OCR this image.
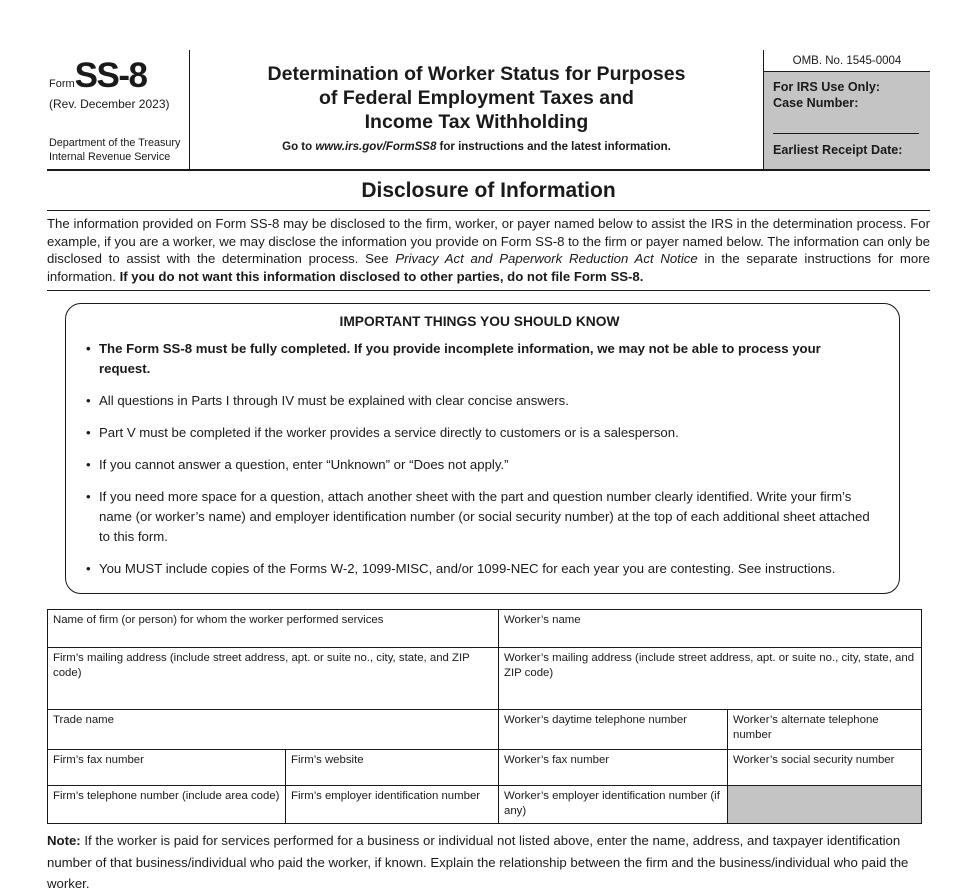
FormSS-8
(Rev. December 2023)
Department of the Treasury
Internal Revenue Service
Determination of Worker Status for Purposes
of Federal Employment Taxes and
Income Tax Withholding
Go to www.irs.gov/FormSS8 for instructions and the latest information.
OMB. No. 1545-0004
For IRS Use Only:
Case Number:
Earliest Receipt Date:
Disclosure of Information

The information provided on Form SS-8 may be disclosed to the firm, worker, or payer named below to assist the IRS in the determination process. For example, if you are a worker, we may disclose the information you provide on Form SS-8 to the firm or payer named below. The information can only be disclosed to assist with the determination process. See Privacy Act and Paperwork Reduction Act Notice in the separate instructions for more information. If you do not want this information disclosed to other parties, do not file Form SS-8.

IMPORTANT THINGS YOU SHOULD KNOW
• The Form SS-8 must be fully completed. If you provide incomplete information, we may not be able to process your request.
• All questions in Parts I through IV must be explained with clear concise answers.
• Part V must be completed if the worker provides a service directly to customers or is a salesperson.
• If you cannot answer a question, enter “Unknown” or “Does not apply.”
• If you need more space for a question, attach another sheet with the part and question number clearly identified. Write your firm’s name (or worker’s name) and employer identification number (or social security number) at the top of each additional sheet attached to this form.
• You MUST include copies of the Forms W-2, 1099-MISC, and/or 1099-NEC for each year you are contesting. See instructions.
Name of firm (or person) for whom the worker performed services		Worker’s name	
Firm’s mailing address (include street address, apt. or suite no., city, state, and ZIP code)		Worker’s mailing address (include street address, apt. or suite no., city, state, and ZIP code)	
Trade name		Worker’s daytime telephone number	Worker’s alternate telephone number
Firm’s fax number	Firm’s website	Worker’s fax number	Worker’s social security number
Firm’s telephone number (include area code)	Firm’s employer identification number	Worker’s employer identification number (if any)	

Note: If the worker is paid for services performed for a business or individual not listed above, enter the name, address, and taxpayer identification number of that business/individual who paid the worker, if known. Explain the relationship between the firm and the business/individual who paid the worker.
